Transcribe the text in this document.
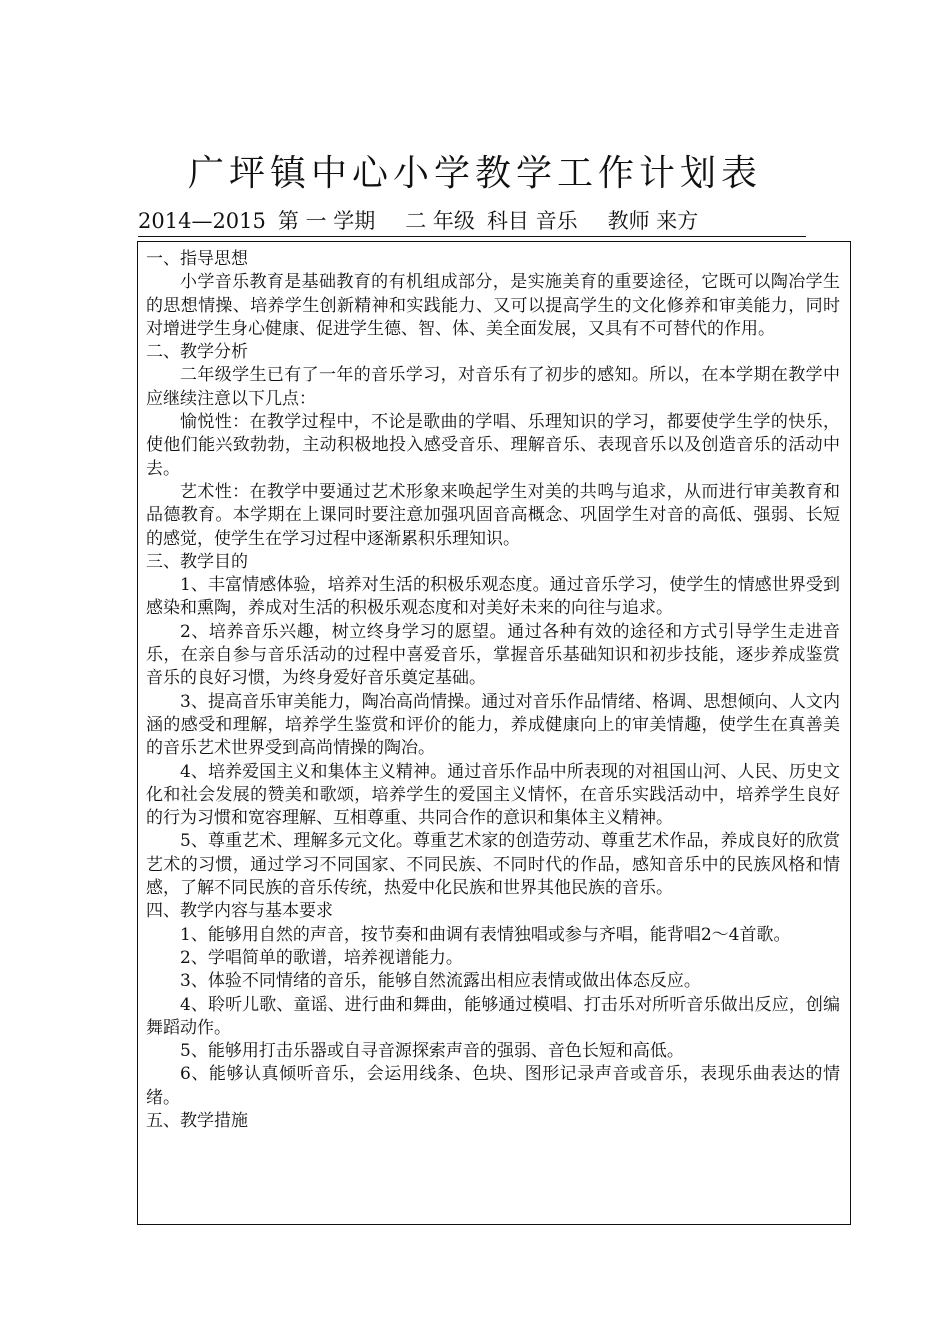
广坪镇中心小学教学工作计划表
2014—2015 第 一 学期 二 年级 科目 音乐 教师 来方
一、指导思想

小学音乐教育是基础教育的有机组成部分，是实施美育的重要途径，它既可以陶冶学生的思想情操、培养学生创新精神和实践能力、又可以提高学生的文化修养和审美能力，同时对增进学生身心健康、促进学生德、智、体、美全面发展，又具有不可替代的作用。

二、教学分析

二年级学生已有了一年的音乐学习，对音乐有了初步的感知。所以，在本学期在教学中应继续注意以下几点：

愉悦性：在教学过程中，不论是歌曲的学唱、乐理知识的学习，都要使学生学的快乐，使他们能兴致勃勃，主动积极地投入感受音乐、理解音乐、表现音乐以及创造音乐的活动中去。

艺术性：在教学中要通过艺术形象来唤起学生对美的共鸣与追求，从而进行审美教育和品德教育。本学期在上课同时要注意加强巩固音高概念、巩固学生对音的高低、强弱、长短的感觉，使学生在学习过程中逐渐累积乐理知识。

三、教学目的

1、丰富情感体验，培养对生活的积极乐观态度。通过音乐学习，使学生的情感世界受到感染和熏陶，养成对生活的积极乐观态度和对美好未来的向往与追求。

2、培养音乐兴趣，树立终身学习的愿望。通过各种有效的途径和方式引导学生走进音乐，在亲自参与音乐活动的过程中喜爱音乐，掌握音乐基础知识和初步技能，逐步养成鉴赏音乐的良好习惯，为终身爱好音乐奠定基础。

3、提高音乐审美能力，陶冶高尚情操。通过对音乐作品情绪、格调、思想倾向、人文内涵的感受和理解，培养学生鉴赏和评价的能力，养成健康向上的审美情趣，使学生在真善美的音乐艺术世界受到高尚情操的陶冶。

4、培养爱国主义和集体主义精神。通过音乐作品中所表现的对祖国山河、人民、历史文化和社会发展的赞美和歌颂，培养学生的爱国主义情怀，在音乐实践活动中，培养学生良好的行为习惯和宽容理解、互相尊重、共同合作的意识和集体主义精神。

5、尊重艺术、理解多元文化。尊重艺术家的创造劳动、尊重艺术作品，养成良好的欣赏艺术的习惯，通过学习不同国家、不同民族、不同时代的作品，感知音乐中的民族风格和情感，了解不同民族的音乐传统，热爱中化民族和世界其他民族的音乐。

四、教学内容与基本要求

1、能够用自然的声音，按节奏和曲调有表情独唱或参与齐唱，能背唱2～4首歌。

2、学唱简单的歌谱，培养视谱能力。

3、体验不同情绪的音乐，能够自然流露出相应表情或做出体态反应。

4、聆听儿歌、童谣、进行曲和舞曲，能够通过模唱、打击乐对所听音乐做出反应，创编舞蹈动作。

5、能够用打击乐器或自寻音源探索声音的强弱、音色长短和高低。

6、能够认真倾听音乐，会运用线条、色块、图形记录声音或音乐，表现乐曲表达的情绪。

五、教学措施
